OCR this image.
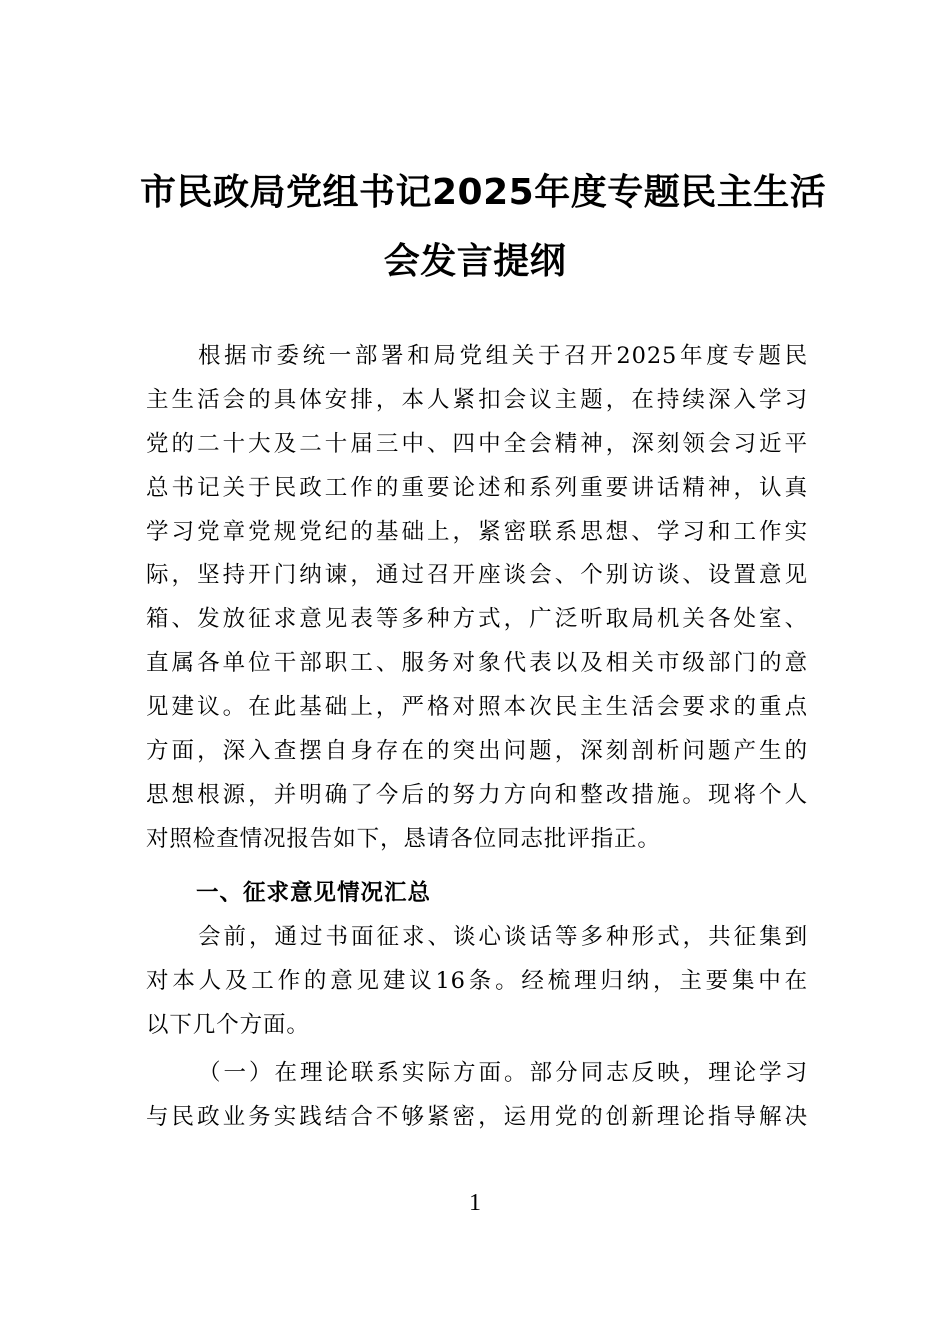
市民政局党组书记2025年度专题民主生活
会发言提纲
根据市委统一部署和局党组关于召开2025年度专题民
主生活会的具体安排，本人紧扣会议主题，在持续深入学习
党的二十大及二十届三中、四中全会精神，深刻领会习近平
总书记关于民政工作的重要论述和系列重要讲话精神，认真
学习党章党规党纪的基础上，紧密联系思想、学习和工作实
际，坚持开门纳谏，通过召开座谈会、个别访谈、设置意见
箱、发放征求意见表等多种方式，广泛听取局机关各处室、
直属各单位干部职工、服务对象代表以及相关市级部门的意
见建议。在此基础上，严格对照本次民主生活会要求的重点
方面，深入查摆自身存在的突出问题，深刻剖析问题产生的
思想根源，并明确了今后的努力方向和整改措施。现将个人
对照检查情况报告如下，恳请各位同志批评指正。
一、征求意见情况汇总
会前，通过书面征求、谈心谈话等多种形式，共征集到
对本人及工作的意见建议16条。经梳理归纳，主要集中在
以下几个方面。
（一）在理论联系实际方面。部分同志反映，理论学习
与民政业务实践结合不够紧密，运用党的创新理论指导解决
1
